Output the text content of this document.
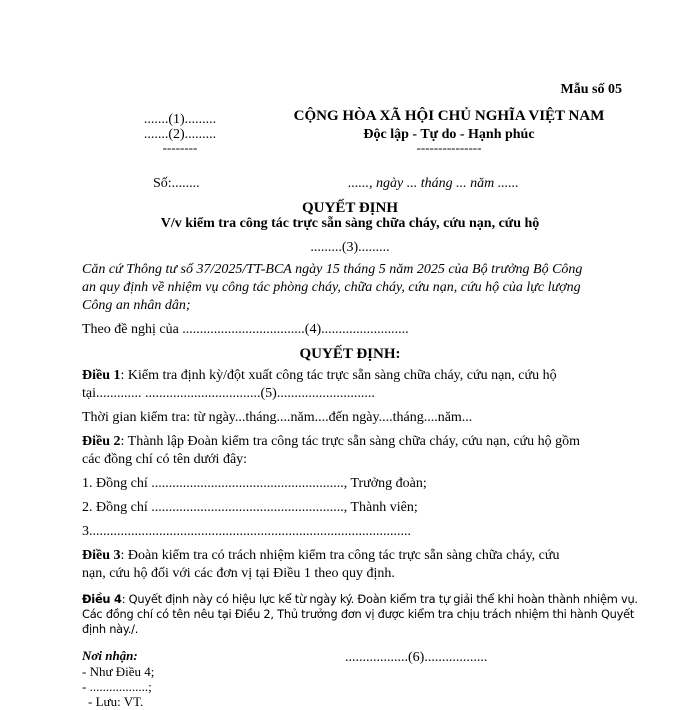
Mẫu số 05
.......(1).........
.......(2).........
--------
CỘNG HÒA XÃ HỘI CHỦ NGHĨA VIỆT NAM
Độc lập - Tự do - Hạnh phúc
---------------
Số:........	......, ngày ... tháng ... năm ......
QUYẾT ĐỊNH
V/v kiểm tra công tác trực sẵn sàng chữa cháy, cứu nạn, cứu hộ
.........(3).........
Căn cứ Thông tư số 37/2025/TT-BCA ngày 15 tháng 5 năm 2025 của Bộ trưởng Bộ Công
an quy định về nhiệm vụ công tác phòng cháy, chữa cháy, cứu nạn, cứu hộ của lực lượng
Công an nhân dân;
Theo đề nghị của ...................................(4).........................
QUYẾT ĐỊNH:
Điều 1: Kiểm tra định kỳ/đột xuất công tác trực sẵn sàng chữa cháy, cứu nạn, cứu hộ
tại............. .................................(5)............................
Thời gian kiểm tra: từ ngày...tháng....năm....đến ngày....tháng....năm...
Điều 2: Thành lập Đoàn kiểm tra công tác trực sẵn sàng chữa cháy, cứu nạn, cứu hộ gồm
các đồng chí có tên dưới đây:
1. Đồng chí ......................................................., Trưởng đoàn;
2. Đồng chí ......................................................., Thành viên;
3............................................................................................
Điều 3: Đoàn kiểm tra có trách nhiệm kiểm tra công tác trực sẵn sàng chữa cháy, cứu
nạn, cứu hộ đối với các đơn vị tại Điều 1 theo quy định.
Điều 4: Quyết định này có hiệu lực kể từ ngày ký. Đoàn kiểm tra tự giải thể khi hoàn thành nhiệm vụ.
Các đồng chí có tên nêu tại Điều 2, Thủ trưởng đơn vị được kiểm tra chịu trách nhiệm thi hành Quyết
định này./.
Nơi nhận:
- Như Điều 4;
- ..................;
- Lưu: VT.
..................(6)..................
